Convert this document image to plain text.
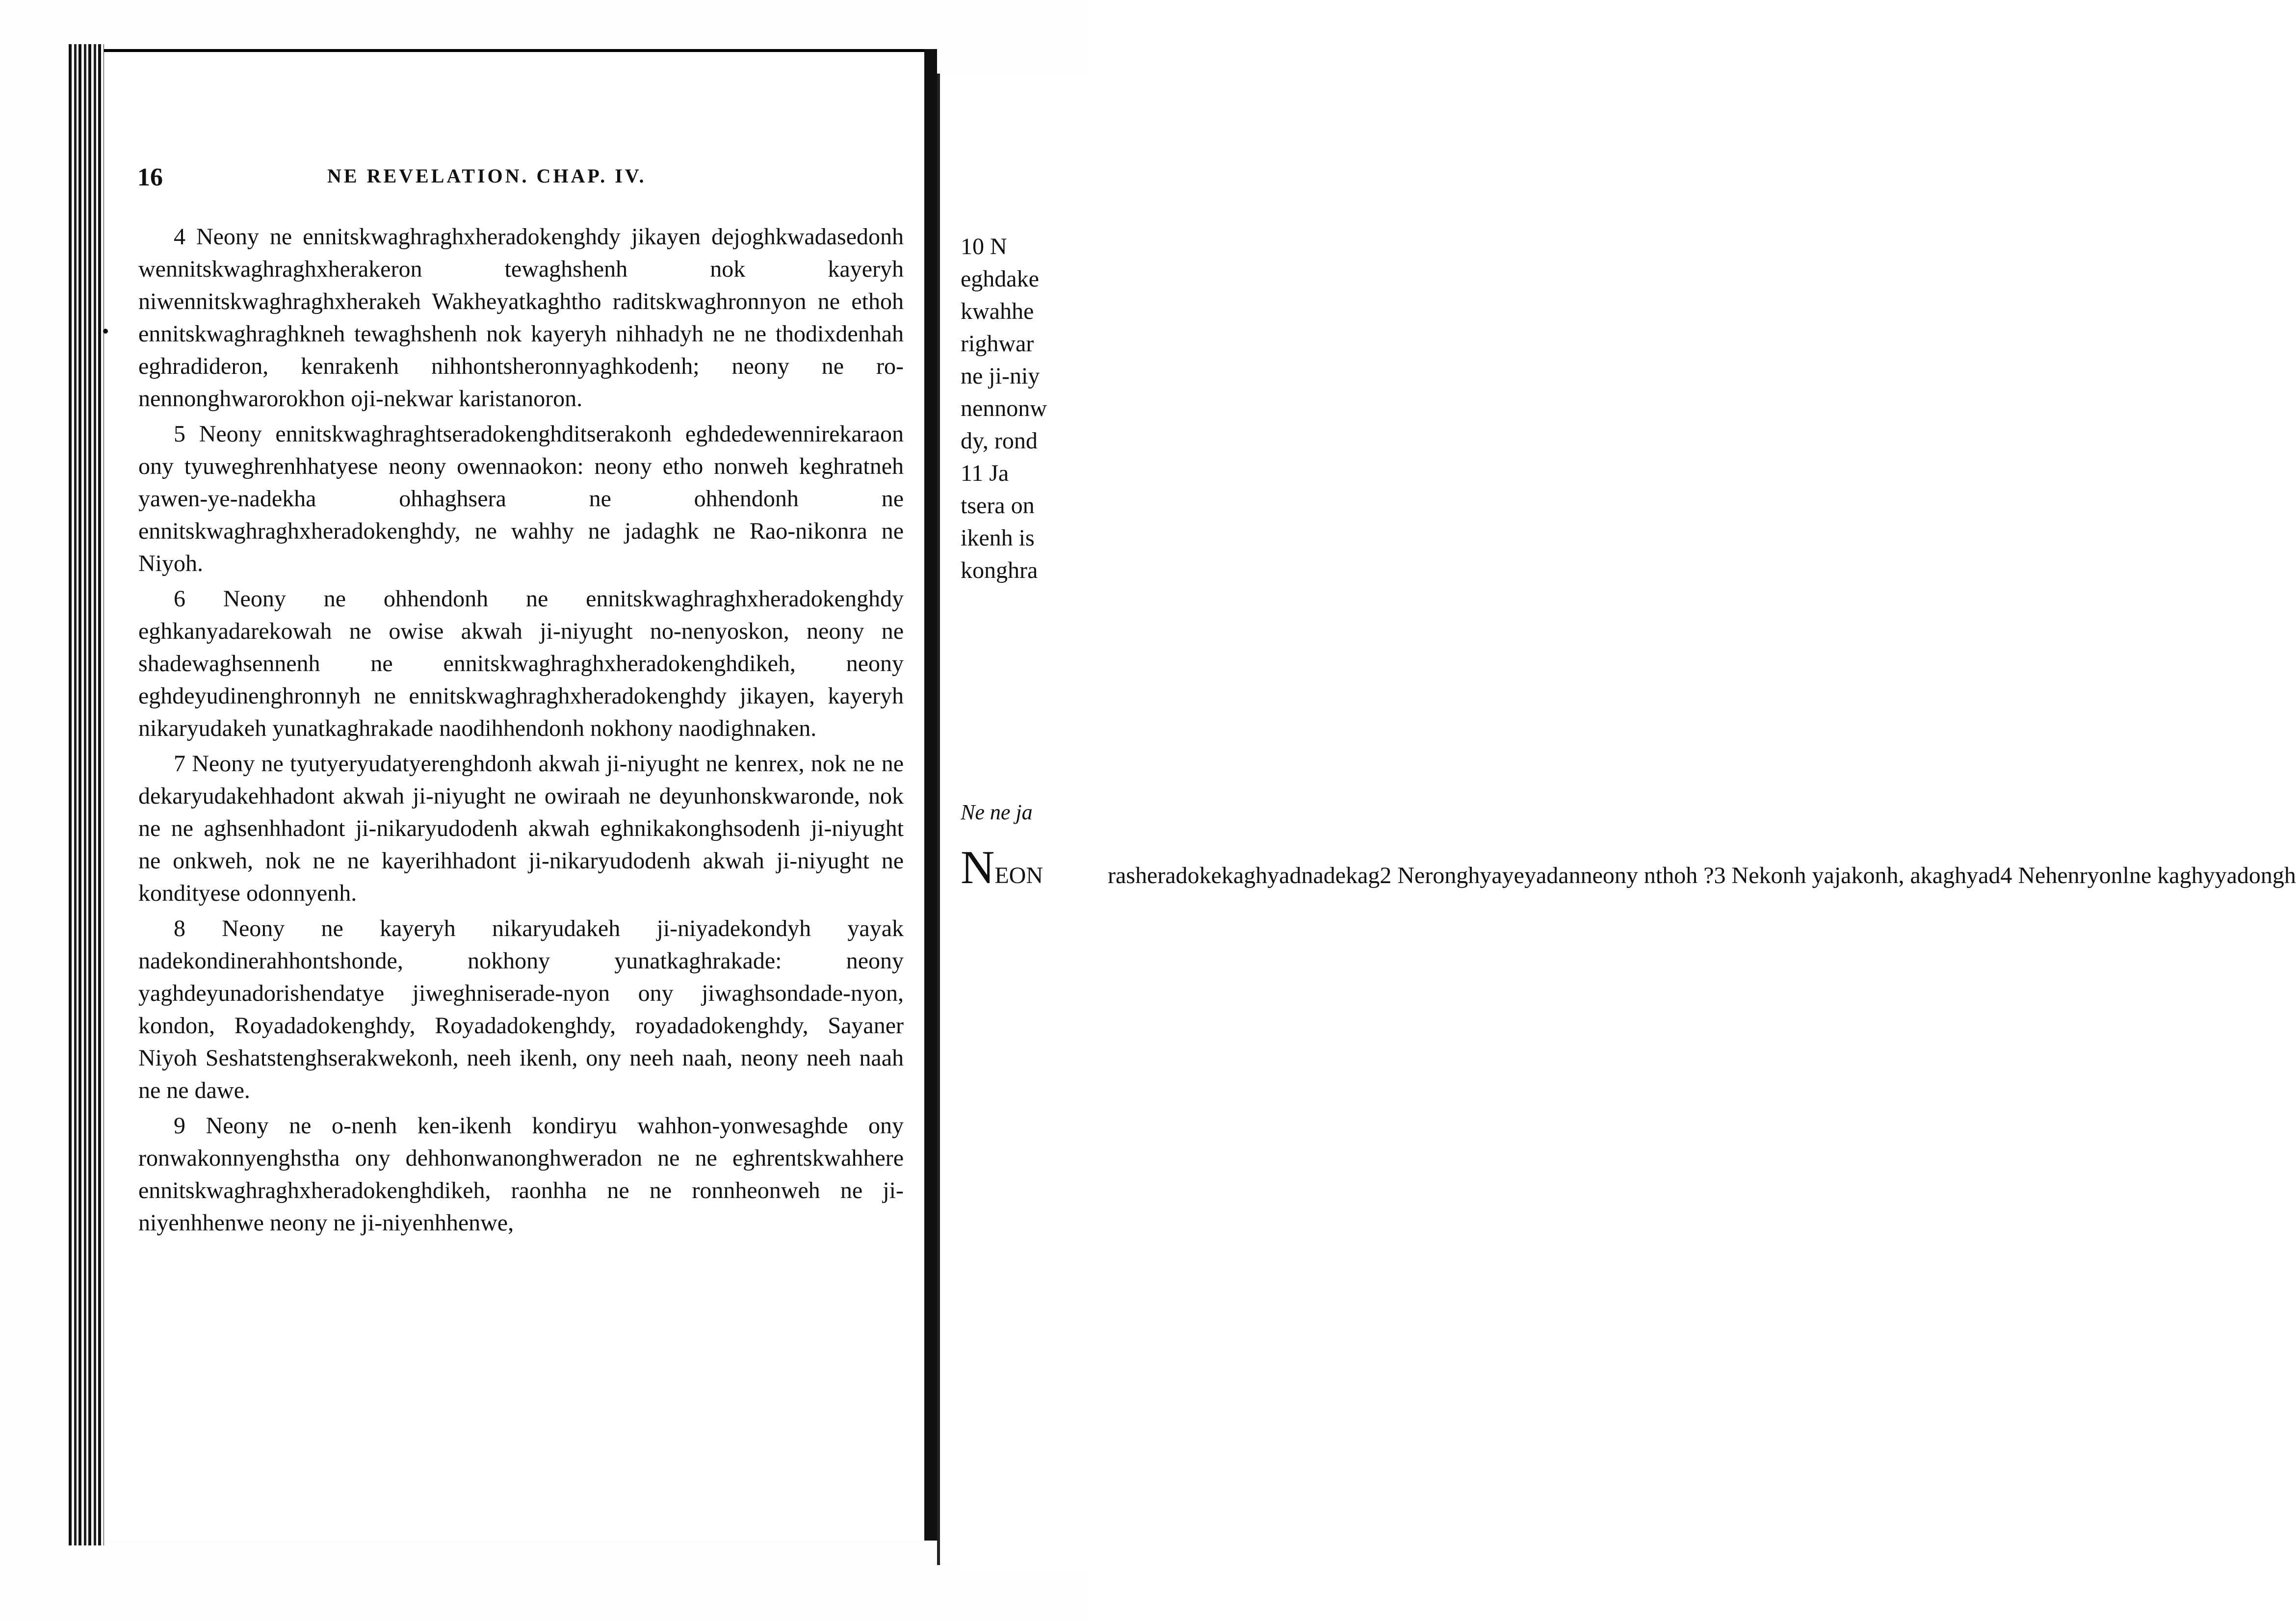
16	NE REVELATION. CHAP. IV.

4 Neony ne ennitskwaghraghxheradokenghdy jikayen dejoghkwadasedonh wennitskwaghraghxherakeron tewaghshenh nok kayeryh niwennitskwaghraghxherakeh Wakheyatkaghtho raditskwaghronnyon ne ethoh ennitskwaghraghkneh tewaghshenh nok kayeryh nihhadyh ne ne thodixdenhah eghradideron, kenrakenh nihhontsheronnyaghkodenh; neony ne ro-nennonghwarorokhon oji-nekwar karistanoron.

5 Neony ennitskwaghraghtseradokenghditserakonh eghdedewennirekaraon ony tyuweghrenhhatyese neony owennaokon: neony etho nonweh keghratneh yawen-ye-nadekha ohhaghsera ne ohhendonh ne ennitskwaghraghxheradokenghdy, ne wahhy ne jadaghk ne Rao-nikonra ne Niyoh.

6 Neony ne ohhendonh ne ennitskwaghraghxheradokenghdy eghkanyadarekowah ne owise akwah ji-niyught no-nenyoskon, neony ne shadewaghsennenh ne ennitskwaghraghxheradokenghdikeh, neony eghdeyudinenghronnyh ne ennitskwaghraghxheradokenghdy jikayen, kayeryh nikaryudakeh yunatkaghrakade naodihhendonh nokhony naodighnaken.

7 Neony ne tyutyeryudatyerenghdonh akwah ji-niyught ne kenrex, nok ne ne dekaryudakehhadont akwah ji-niyught ne owiraah ne deyunhonskwaronde, nok ne ne aghsenhhadont ji-nikaryudodenh akwah eghnikakonghsodenh ji-niyught ne onkweh, nok ne ne kayerihhadont ji-nikaryudodenh akwah ji-niyught ne kondityese odonnyenh.

8 Neony ne kayeryh nikaryudakeh ji-niyadekondyh yayak nadekondinerahhontshonde, nokhony yunatkaghrakade: neony yaghdeyunadorishendatye jiweghniserade-nyon ony jiwaghsondade-nyon, kondon, Royadadokenghdy, Royadadokenghdy, royadadokenghdy, Sayaner Niyoh Seshatstenghserakwekonh, neeh ikenh, ony neeh naah, neony neeh naah ne ne dawe.

9 Neony ne o-nenh ken-ikenh kondiryu wahhon-yonwesaghde ony ronwakonnyenghstha ony dehhonwanonghweradon ne ne eghrentskwahhere ennitskwaghraghxheradokenghdikeh, raonhha ne ne ronnheonweh ne ji-niyenhhenwe neony ne ji-niyenhhenwe,

10 N
eghdake
kwahhe
righwar
ne ji-niy
nennonw
dy, rond
11 Ja
tsera on
ikenh is
konghra
Ne ne ja
NEON	rasheradokekaghyadnadekag2 Neronghyayeyadanneony nthoh ?3 Nekonh yajakonh, akaghyad4 Nehenryonlne kaghyyadongh
